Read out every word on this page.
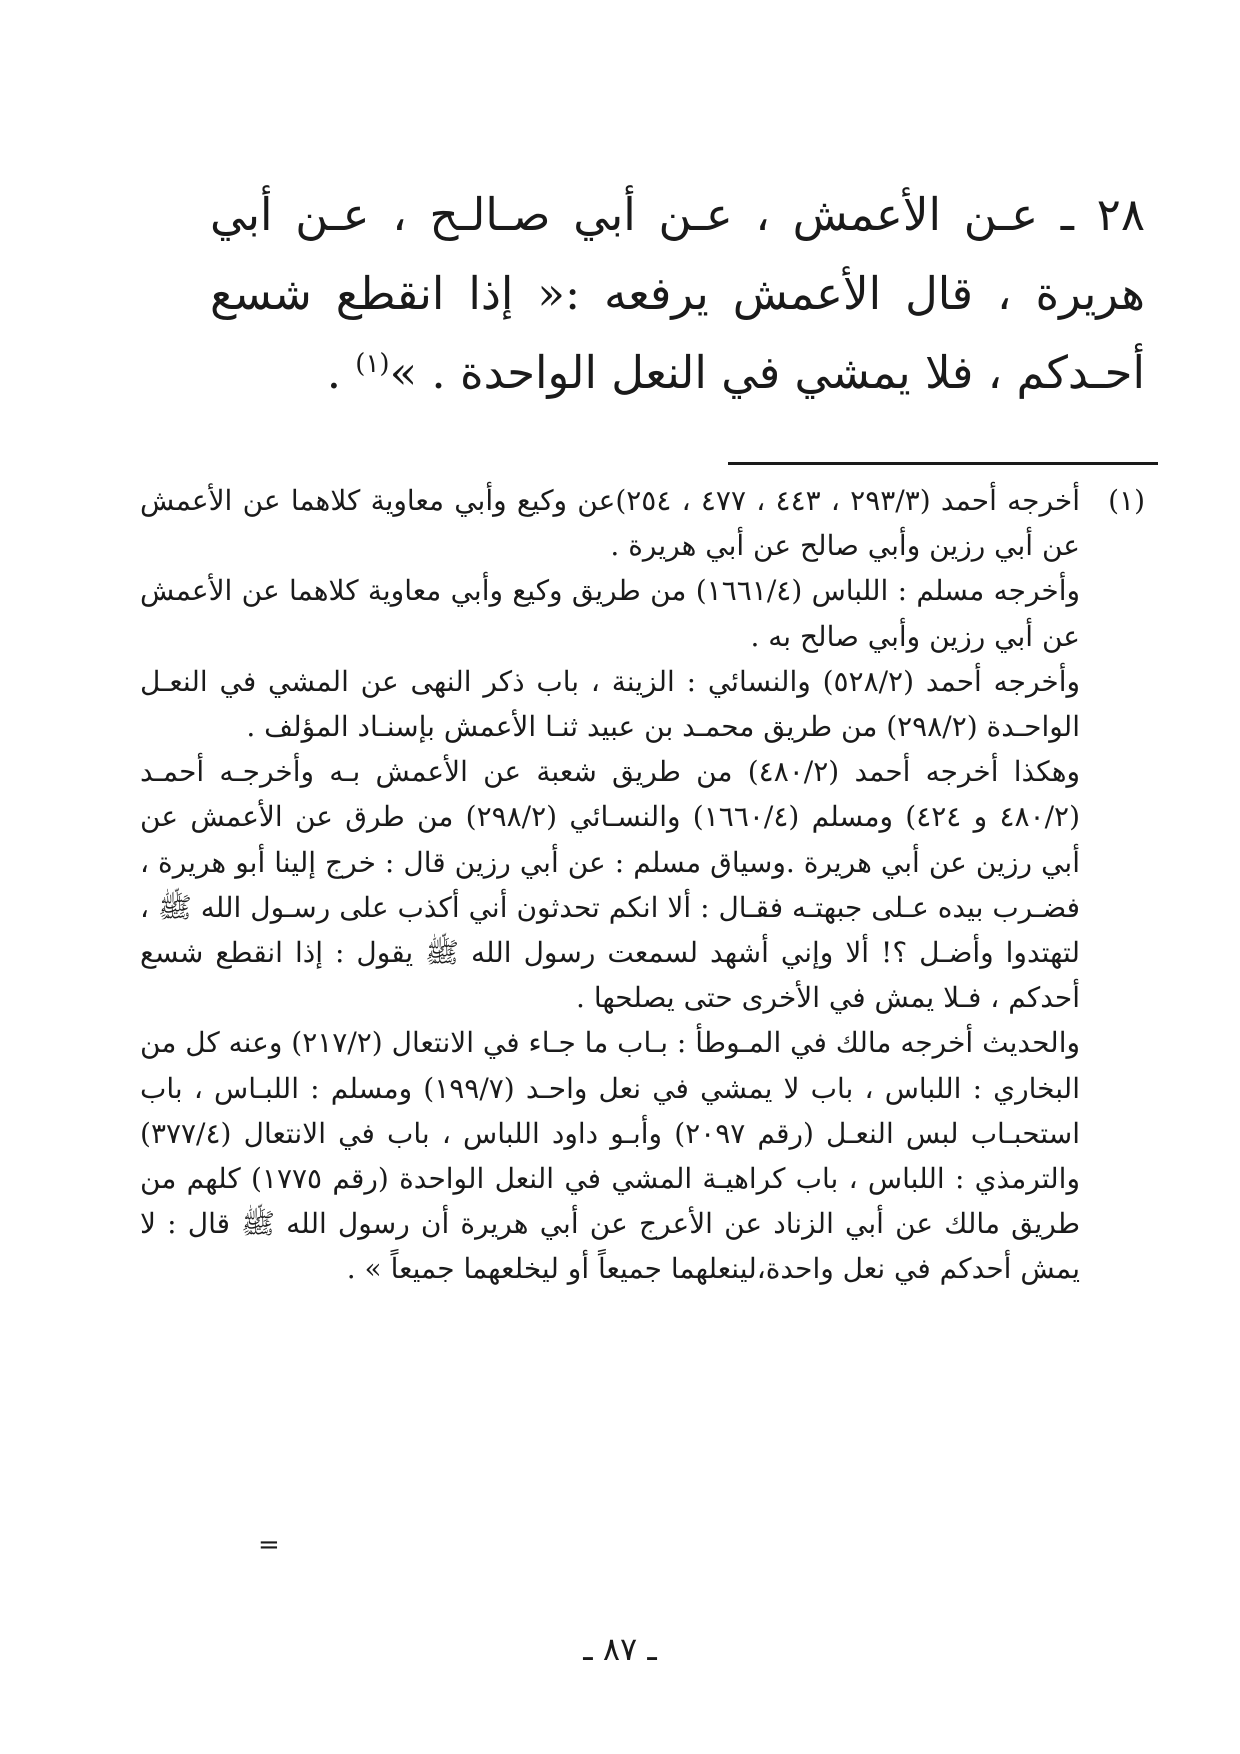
٢٨ ـ عـن الأعمش ، عـن أبي صـالـح ، عـن أبي هريرة ، قال الأعمش يرفعه :« إذا انقطع شسع أحـدكم ، فلا يمشي في النعل الواحدة . »$^{(١)}$ .

(١)

أخرجه أحمد (٢٩٣/٣ ، ٤٤٣ ، ٤٧٧ ، ٢٥٤)عن وكيع وأبي معاوية كلاهما عن الأعمش عن أبي رزين وأبي صالح عن أبي هريرة .

وأخرجه مسلم : اللباس (١٦٦١/٤) من طريق وكيع وأبي معاوية كلاهما عن الأعمش عن أبي رزين وأبي صالح به .

وأخرجه أحمد (٥٢٨/٢) والنسائي : الزينة ، باب ذكر النهى عن المشي في النعـل الواحـدة (٢٩٨/٢) من طريق محمـد بن عبيد ثنـا الأعمش بإسنـاد المؤلف .

وهكذا أخرجه أحمد (٤٨٠/٢) من طريق شعبة عن الأعمش بـه وأخرجـه أحمـد (٤٨٠/٢ و ٤٢٤) ومسلم (١٦٦٠/٤) والنسـائي (٢٩٨/٢) من طرق عن الأعمش عن أبي رزين عن أبي هريرة .وسياق مسلم : عن أبي رزين قال : خرج إلينا أبو هريرة ، فضـرب بيده عـلى جبهتـه فقـال : ألا انكم تحدثون أني أكذب على رسـول الله ﷺ ، لتهتدوا وأضـل ؟! ألا وإني أشهد لسمعت رسول الله ﷺ يقول : إذا انقطع شسع أحدكم ، فـلا يمش في الأخرى حتى يصلحها .

والحديث أخرجه مالك في المـوطأ : بـاب ما جـاء في الانتعال (٢١٧/٢) وعنه كل من البخاري : اللباس ، باب لا يمشي في نعل واحـد (١٩٩/٧) ومسلم : اللبـاس ، باب استحبـاب لبس النعـل (رقم ٢٠٩٧) وأبـو داود اللباس ، باب في الانتعال (٣٧٧/٤) والترمذي : اللباس ، باب كراهيـة المشي في النعل الواحدة (رقم ١٧٧٥) كلهم من طريق مالك عن أبي الزناد عن الأعرج عن أبي هريرة أن رسول الله ﷺ قال : لا يمش أحدكم في نعل واحدة،لينعلهما جميعاً أو ليخلعهما جميعاً » .

=
ـ ٨٧ ـ
